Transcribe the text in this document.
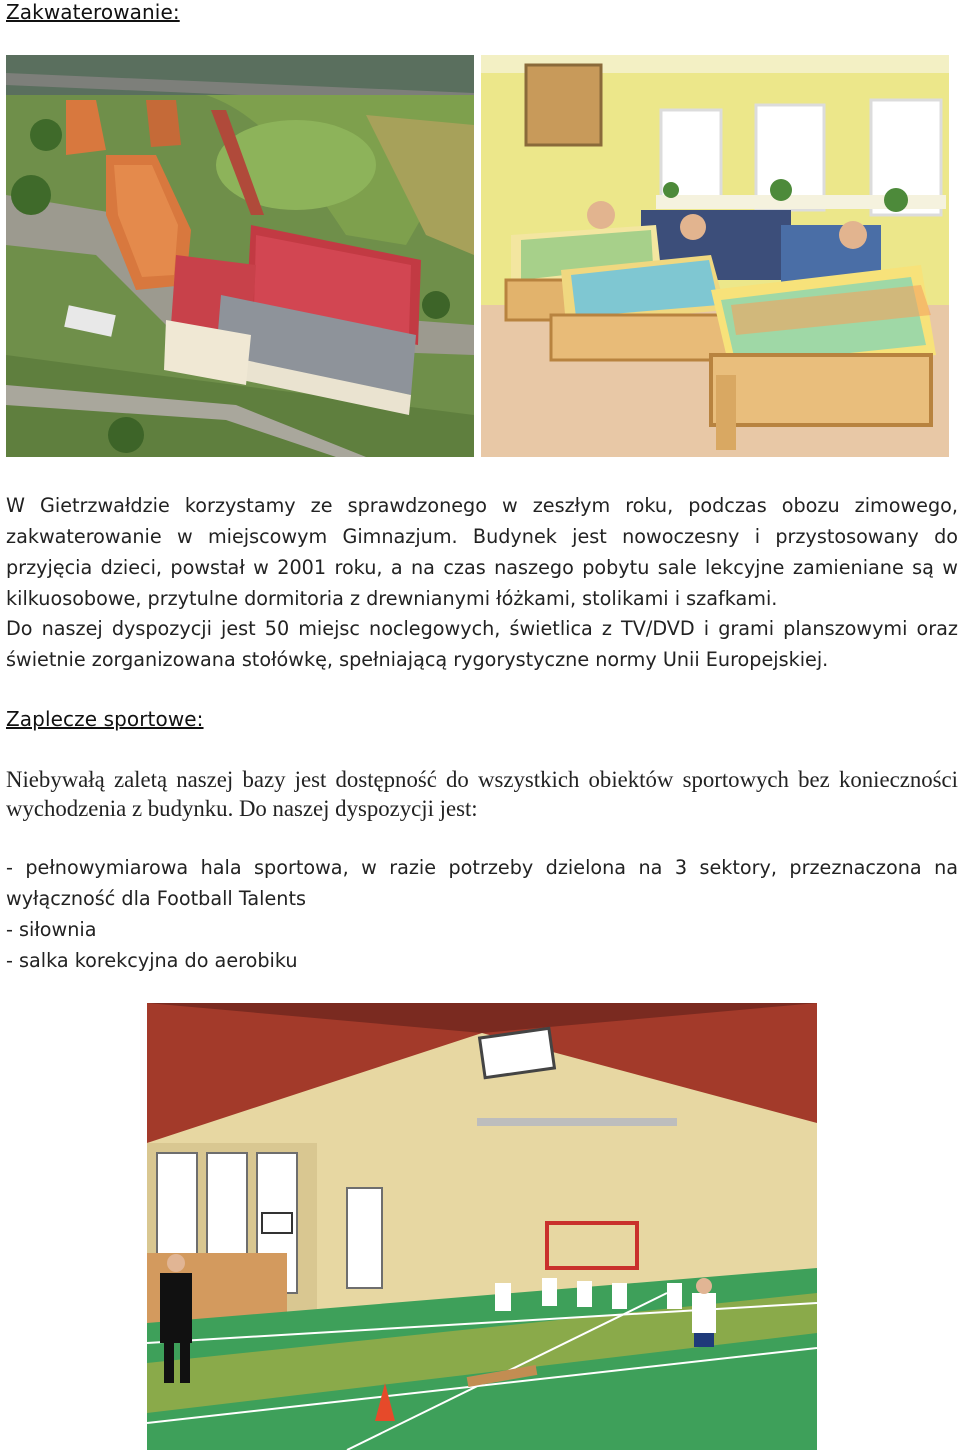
Zakwaterowanie:

W Gietrzwałdzie korzystamy ze sprawdzonego w zeszłym roku, podczas obozu zimowego, zakwaterowanie w miejscowym Gimnazjum. Budynek jest nowoczesny i przystosowany do przyjęcia dzieci, powstał w 2001 roku, a na czas naszego pobytu sale lekcyjne zamieniane są w kilkuosobowe, przytulne dormitoria z drewnianymi łóżkami, stolikami i szafkami.

Do naszej dyspozycji jest 50 miejsc noclegowych, świetlica z TV/DVD i grami planszowymi oraz świetnie zorganizowana stołówkę, spełniającą rygorystyczne normy Unii Europejskiej.

Zaplecze sportowe:

Niebywałą zaletą naszej bazy jest dostępność do wszystkich obiektów sportowych bez konieczności wychodzenia z budynku. Do naszej dyspozycji jest:

- pełnowymiarowa hala sportowa, w razie potrzeby dzielona na 3 sektory, przeznaczona na wyłączność dla Football Talents
- siłownia
- salka korekcyjna do aerobiku
